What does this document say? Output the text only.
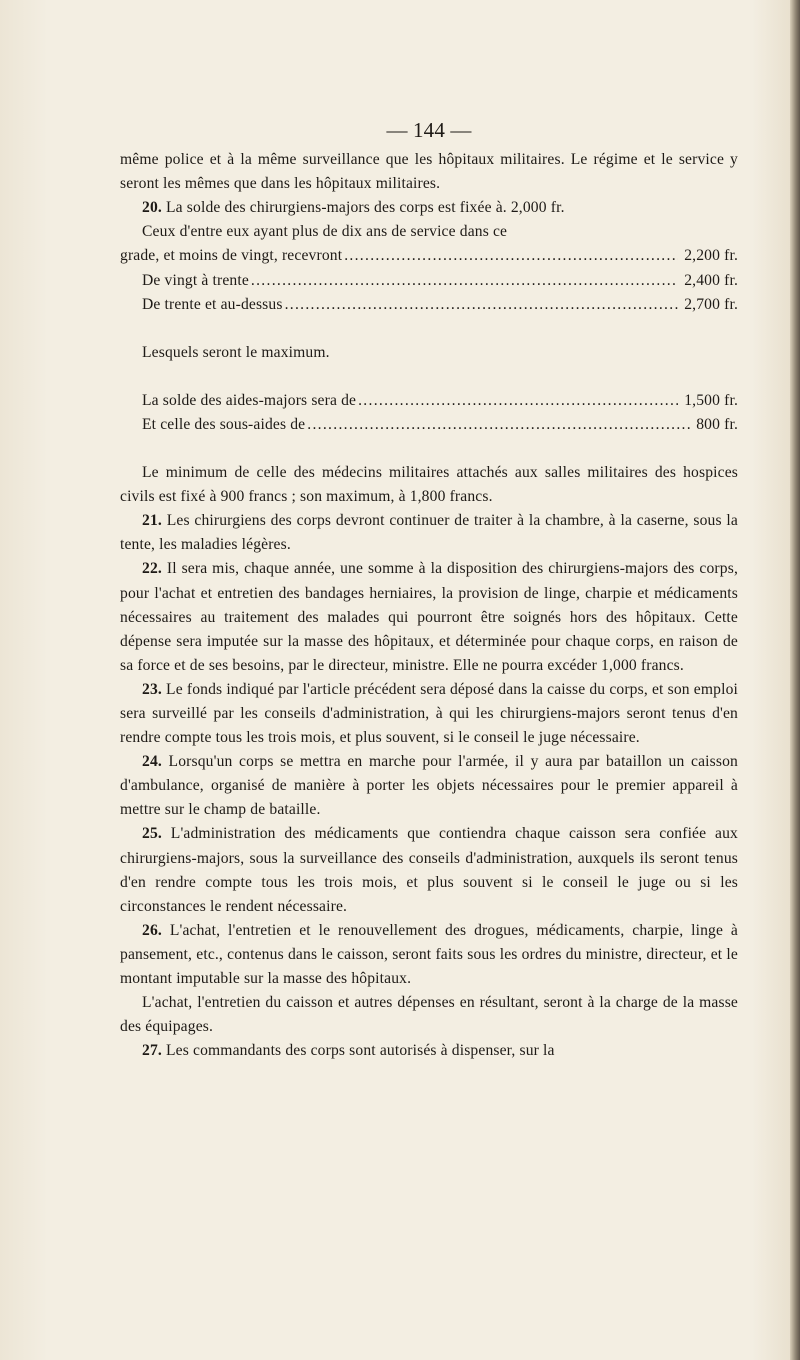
— 144 —

même police et à la même surveillance que les hôpitaux militaires. Le régime et le service y seront les mêmes que dans les hôpitaux militaires.

20. La solde des chirurgiens-majors des corps est fixée à. 2,000 fr.

Ceux d'entre eux ayant plus de dix ans de service dans ce

grade, et moins de vingt, recevront .....	2,200 fr.
De vingt à trente .....	2,400 fr.
De trente et au-dessus .....	2,700 fr.

Lesquels seront le maximum.

La solde des aides-majors sera de .....	1,500 fr.
Et celle des sous-aides de .....	800 fr.

Le minimum de celle des médecins militaires attachés aux salles militaires des hospices civils est fixé à 900 francs ; son maximum, à 1,800 francs.

21. Les chirurgiens des corps devront continuer de traiter à la chambre, à la caserne, sous la tente, les maladies légères.

22. Il sera mis, chaque année, une somme à la disposition des chirurgiens-majors des corps, pour l'achat et entretien des bandages herniaires, la provision de linge, charpie et médicaments nécessaires au traitement des malades qui pourront être soignés hors des hôpitaux. Cette dépense sera imputée sur la masse des hôpitaux, et déterminée pour chaque corps, en raison de sa force et de ses besoins, par le directeur, ministre. Elle ne pourra excéder 1,000 francs.

23. Le fonds indiqué par l'article précédent sera déposé dans la caisse du corps, et son emploi sera surveillé par les conseils d'administration, à qui les chirurgiens-majors seront tenus d'en rendre compte tous les trois mois, et plus souvent, si le conseil le juge nécessaire.

24. Lorsqu'un corps se mettra en marche pour l'armée, il y aura par bataillon un caisson d'ambulance, organisé de manière à porter les objets nécessaires pour le premier appareil à mettre sur le champ de bataille.

25. L'administration des médicaments que contiendra chaque caisson sera confiée aux chirurgiens-majors, sous la surveillance des conseils d'administration, auxquels ils seront tenus d'en rendre compte tous les trois mois, et plus souvent si le conseil le juge ou si les circonstances le rendent nécessaire.

26. L'achat, l'entretien et le renouvellement des drogues, médicaments, charpie, linge à pansement, etc., contenus dans le caisson, seront faits sous les ordres du ministre, directeur, et le montant imputable sur la masse des hôpitaux.

L'achat, l'entretien du caisson et autres dépenses en résultant, seront à la charge de la masse des équipages.

27. Les commandants des corps sont autorisés à dispenser, sur la
